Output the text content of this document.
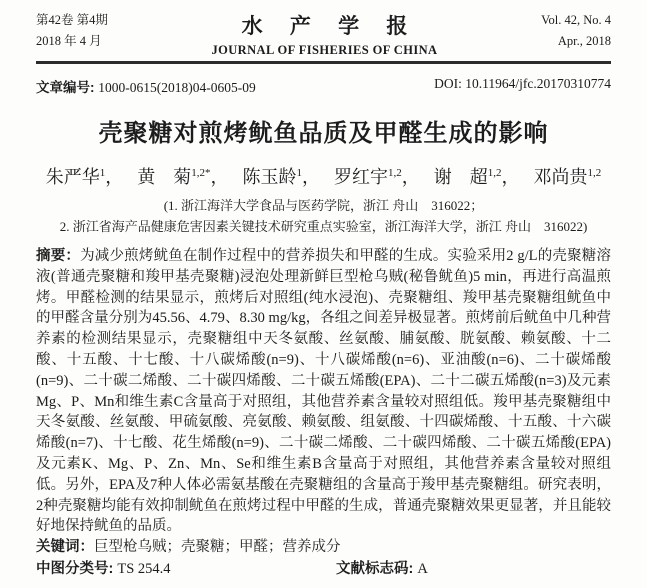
第42卷 第4期
2018 年 4 月
水 产 学 报
JOURNAL OF FISHERIES OF CHINA
Vol. 42, No. 4
Apr., 2018
文章编号: 1000-0615(2018)04-0605-09	DOI: 10.11964/jfc.20170310774
壳聚糖对煎烤鱿鱼品质及甲醛生成的影响
朱严华$^1$， 黄　菊$^{1,2*}$， 陈玉龄$^1$， 罗红宇$^{1,2}$， 谢　超$^{1,2}$， 邓尚贵$^{1,2}$
(1. 浙江海洋大学食品与医药学院，浙江 舟山　316022；
2. 浙江省海产品健康危害因素关键技术研究重点实验室，浙江海洋大学，浙江 舟山　316022)

摘要：为减少煎烤鱿鱼在制作过程中的营养损失和甲醛的生成。实验采用2 g/L的壳聚糖溶液(普通壳聚糖和羧甲基壳聚糖)浸泡处理新鲜巨型枪乌贼(秘鲁鱿鱼)5 min，再进行高温煎烤。甲醛检测的结果显示，煎烤后对照组(纯水浸泡)、壳聚糖组、羧甲基壳聚糖组鱿鱼中的甲醛含量分别为45.56、4.79、8.30 mg/kg，各组之间差异极显著。煎烤前后鱿鱼中几种营养素的检测结果显示，壳聚糖组中天冬氨酸、丝氨酸、脯氨酸、胱氨酸、赖氨酸、十二酸、十五酸、十七酸、十八碳烯酸(n=9)、十八碳烯酸(n=6)、亚油酸(n=6)、二十碳烯酸(n=9)、二十碳二烯酸、二十碳四烯酸、二十碳五烯酸(EPA)、二十二碳五烯酸(n=3)及元素Mg、P、Mn和维生素C含量高于对照组，其他营养素含量较对照组低。羧甲基壳聚糖组中天冬氨酸、丝氨酸、甲硫氨酸、亮氨酸、赖氨酸、组氨酸、十四碳烯酸、十五酸、十六碳烯酸(n=7)、十七酸、花生烯酸(n=9)、二十碳二烯酸、二十碳四烯酸、二十碳五烯酸(EPA)及元素K、Mg、P、Zn、Mn、Se和维生素B含量高于对照组，其他营养素含量较对照组低。另外，EPA及7种人体必需氨基酸在壳聚糖组的含量高于羧甲基壳聚糖组。研究表明，2种壳聚糖均能有效抑制鱿鱼在煎烤过程中甲醛的生成，普通壳聚糖效果更显著，并且能较好地保持鱿鱼的品质。

关键词：巨型枪乌贼；壳聚糖；甲醛；营养成分

中图分类号: TS 254.4	文献标志码: A
